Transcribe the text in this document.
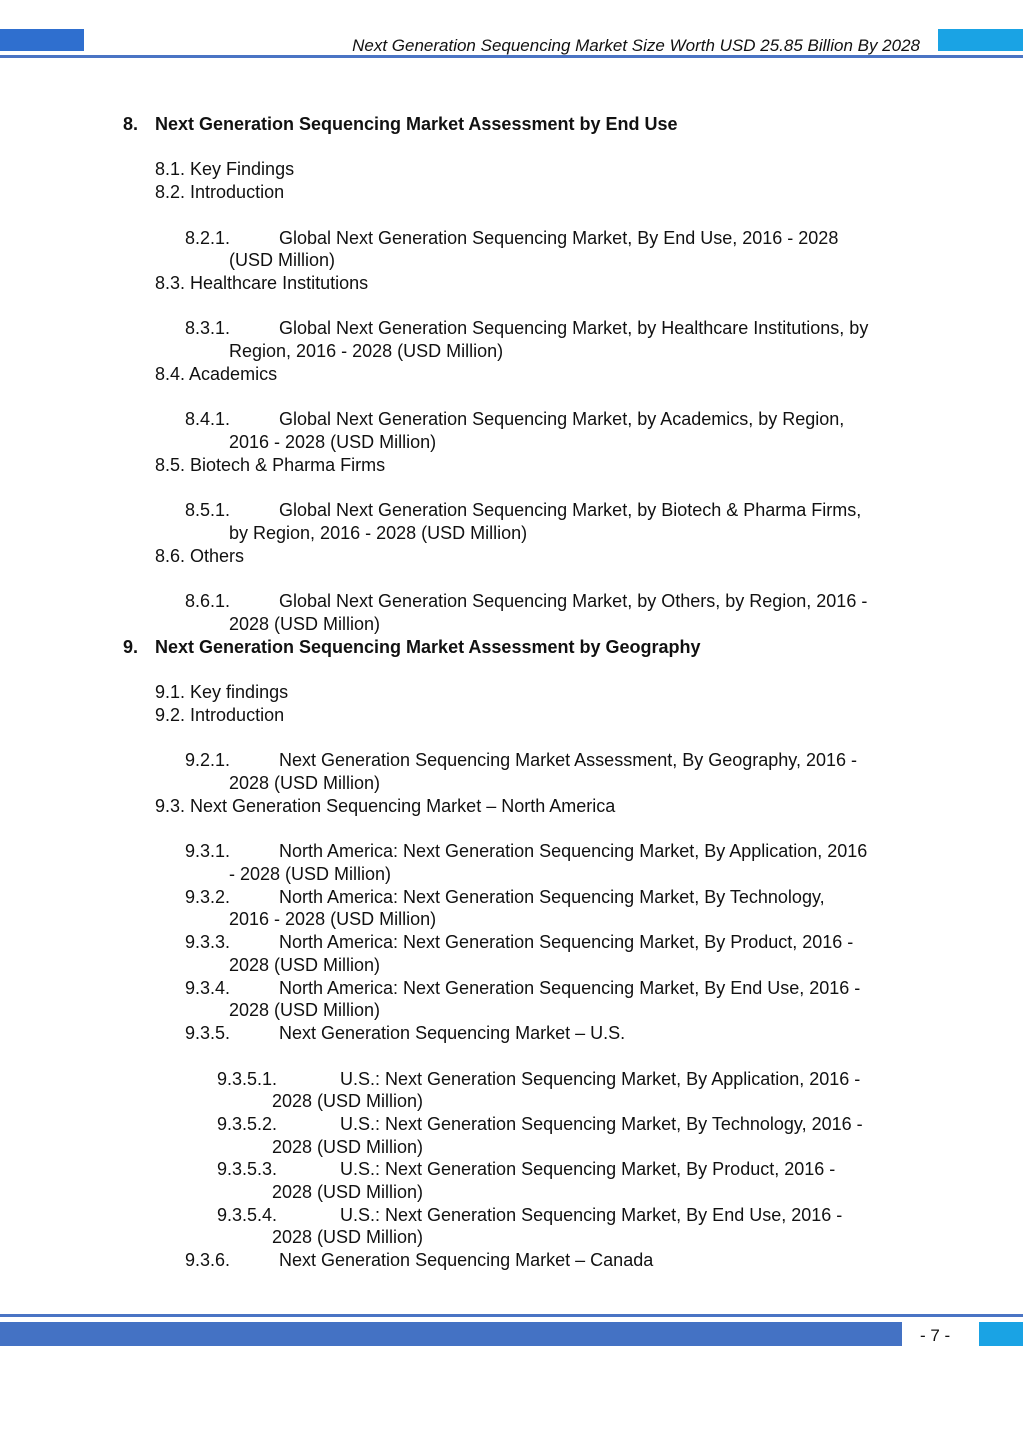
Next Generation Sequencing Market Size Worth USD 25.85 Billion By 2028
8. Next Generation Sequencing Market Assessment by End Use
8.1. Key Findings
8.2. Introduction
8.2.1.	Global Next Generation Sequencing Market, By End Use, 2016 - 2028
(USD Million)
8.3. Healthcare Institutions
8.3.1.	Global Next Generation Sequencing Market, by Healthcare Institutions, by
Region, 2016 - 2028 (USD Million)
8.4. Academics
8.4.1.	Global Next Generation Sequencing Market, by Academics, by Region,
2016 - 2028 (USD Million)
8.5. Biotech & Pharma Firms
8.5.1.	Global Next Generation Sequencing Market, by Biotech & Pharma Firms,
by Region, 2016 - 2028 (USD Million)
8.6. Others
8.6.1.	Global Next Generation Sequencing Market, by Others, by Region, 2016 -
2028 (USD Million)
9. Next Generation Sequencing Market Assessment by Geography
9.1. Key findings
9.2. Introduction
9.2.1.	Next Generation Sequencing Market Assessment, By Geography, 2016 -
2028 (USD Million)
9.3. Next Generation Sequencing Market – North America
9.3.1.	North America: Next Generation Sequencing Market, By Application, 2016
- 2028 (USD Million)
9.3.2.	North America: Next Generation Sequencing Market, By Technology,
2016 - 2028 (USD Million)
9.3.3.	North America: Next Generation Sequencing Market, By Product, 2016 -
2028 (USD Million)
9.3.4.	North America: Next Generation Sequencing Market, By End Use, 2016 -
2028 (USD Million)
9.3.5.	Next Generation Sequencing Market – U.S.
9.3.5.1.	U.S.: Next Generation Sequencing Market, By Application, 2016 -
2028 (USD Million)
9.3.5.2.	U.S.: Next Generation Sequencing Market, By Technology, 2016 -
2028 (USD Million)
9.3.5.3.	U.S.: Next Generation Sequencing Market, By Product, 2016 -
2028 (USD Million)
9.3.5.4.	U.S.: Next Generation Sequencing Market, By End Use, 2016 -
2028 (USD Million)
9.3.6.	Next Generation Sequencing Market – Canada
- 7 -
